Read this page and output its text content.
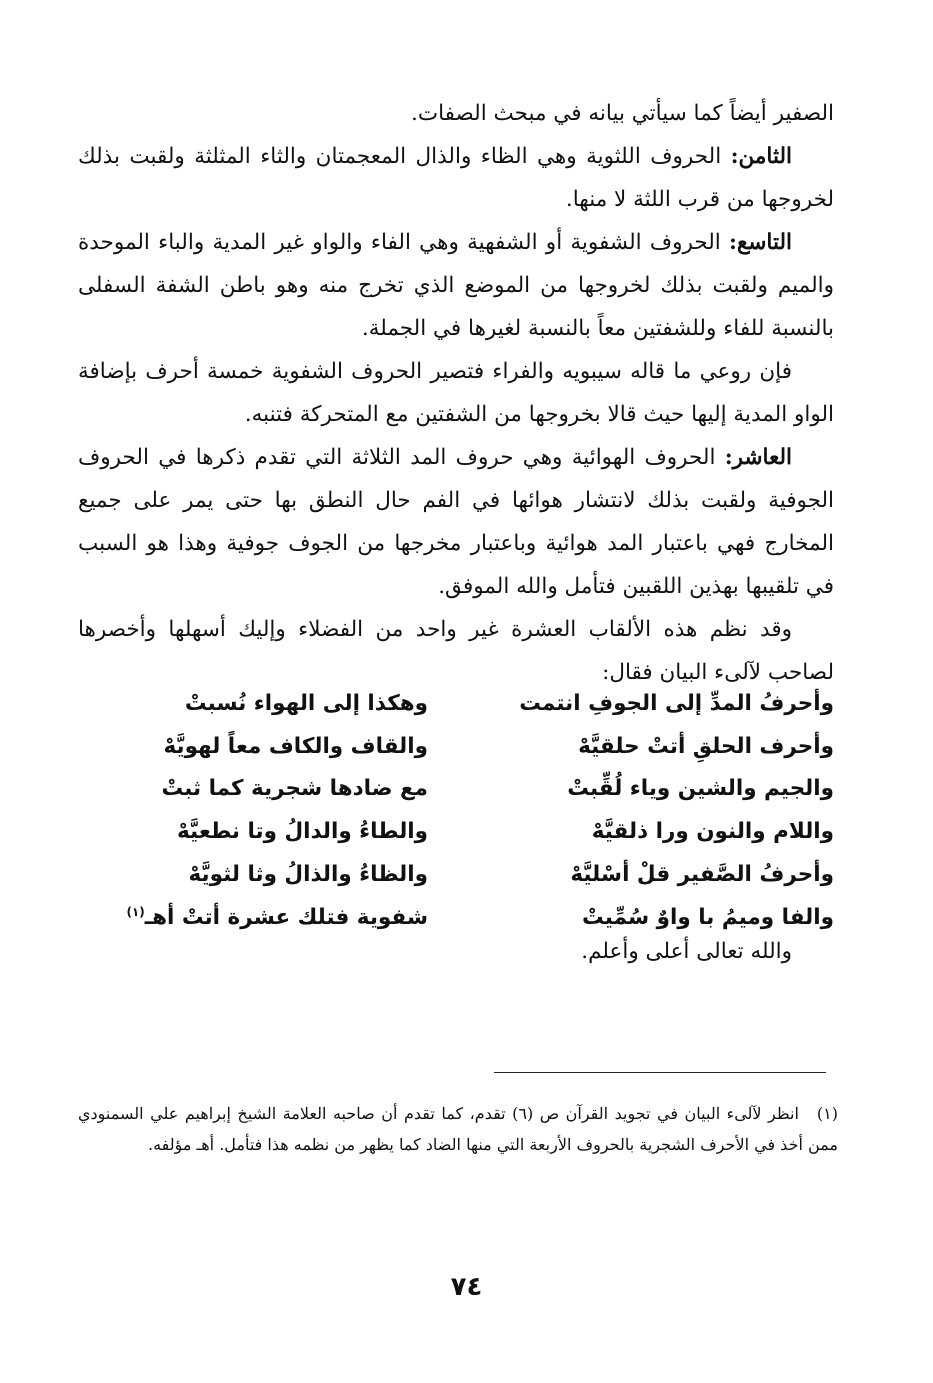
الصفير أيضاً كما سيأتي بيانه في مبحث الصفات.

الثامن: الحروف اللثوية وهي الظاء والذال المعجمتان والثاء المثلثة ولقبت بذلك لخروجها من قرب اللثة لا منها.

التاسع: الحروف الشفوية أو الشفهية وهي الفاء والواو غير المدية والباء الموحدة والميم ولقبت بذلك لخروجها من الموضع الذي تخرج منه وهو باطن الشفة السفلى بالنسبة للفاء وللشفتين معاً بالنسبة لغيرها في الجملة.

فإن روعي ما قاله سيبويه والفراء فتصير الحروف الشفوية خمسة أحرف بإضافة الواو المدية إليها حيث قالا بخروجها من الشفتين مع المتحركة فتنبه.

العاشر: الحروف الهوائية وهي حروف المد الثلاثة التي تقدم ذكرها في الحروف الجوفية ولقبت بذلك لانتشار هوائها في الفم حال النطق بها حتى يمر على جميع المخارج فهي باعتبار المد هوائية وباعتبار مخرجها من الجوف جوفية وهذا هو السبب في تلقيبها بهذين اللقبين فتأمل والله الموفق.

وقد نظم هذه الألقاب العشرة غير واحد من الفضلاء وإليك أسهلها وأخصرها لصاحب لآلىء البيان فقال:

وأحرفُ المدِّ إلى الجوفِ انتمت
وهكذا إلى الهواء نُسبتْ
وأحرف الحلقِ أتتْ حلقيَّهْ
والقاف والكاف معاً لهويَّهْ
والجيم والشين وياء لُقِّبتْ
مع ضادها شجرية كما ثبتْ
واللام والنون ورا ذلقيَّهْ
والطاءُ والدالُ وتا نطعيَّهْ
وأحرفُ الصَّفير قلْ أسْليَّهْ
والظاءُ والذالُ وثا لثويَّهْ
والفا وميمُ با واوٌ سُمِّيتْ
شفوية فتلك عشرة أتتْ أهـ$^{(١)}$
والله تعالى أعلى وأعلم.
(١)انظر لآلىء البيان في تجويد القرآن ص (٦) تقدم، كما تقدم أن صاحبه العلامة الشيخ إبراهيم علي السمنودي ممن أخذ في الأحرف الشجرية بالحروف الأربعة التي منها الضاد كما يظهر من نظمه هذا فتأمل. أهـ مؤلفه.
٧٤
